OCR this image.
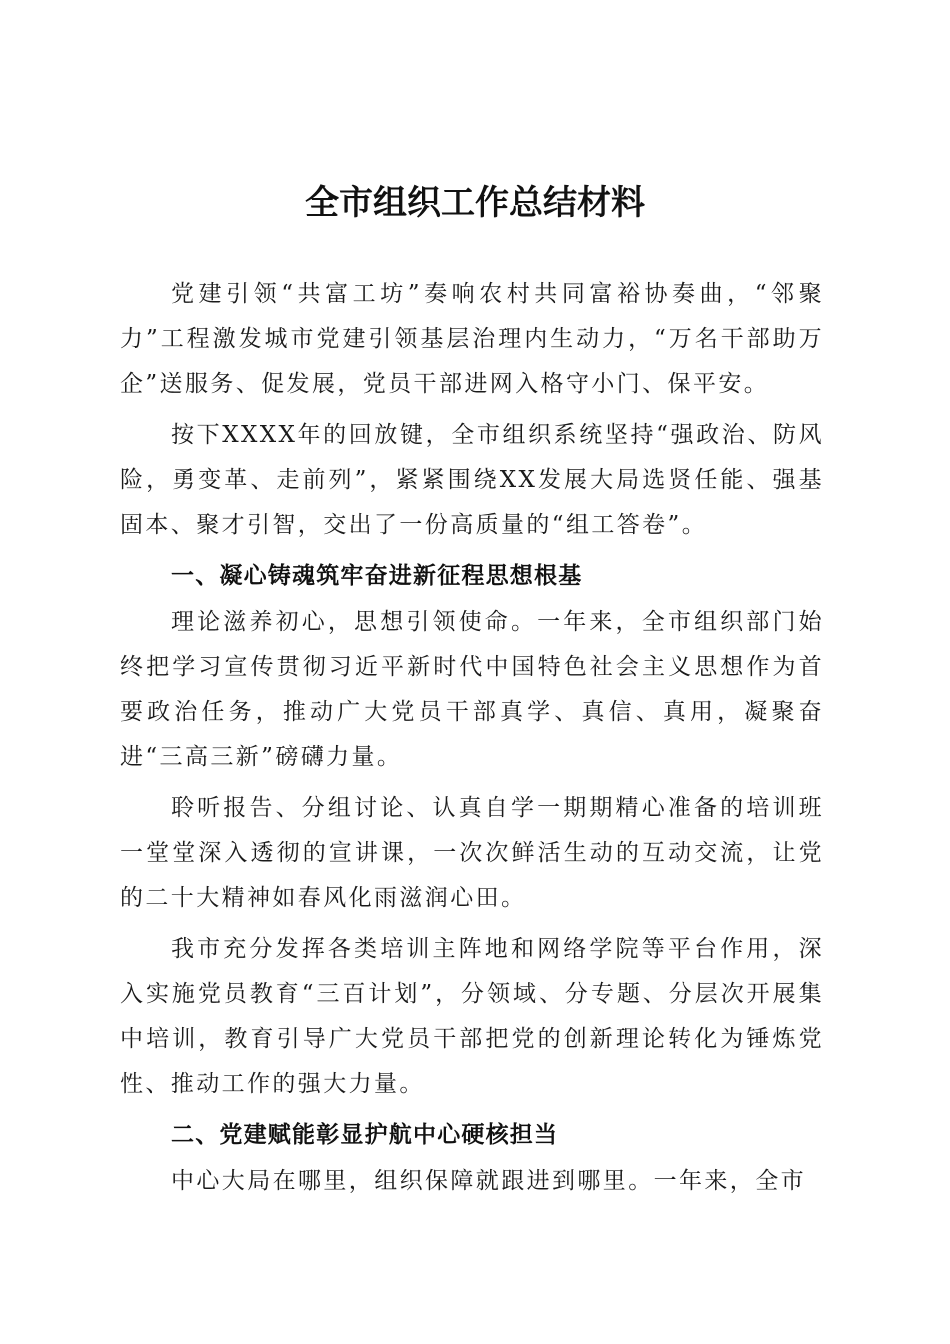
全市组织工作总结材料

党建引领“共富工坊”奏响农村共同富裕协奏曲，“邻聚力”工程激发城市党建引领基层治理内生动力，“万名干部助万企”送服务、促发展，党员干部进网入格守小门、保平安。

按下XXXX年的回放键，全市组织系统坚持“强政治、防风险，勇变革、走前列”，紧紧围绕XX发展大局选贤任能、强基固本、聚才引智，交出了一份高质量的“组工答卷”。

一、凝心铸魂筑牢奋进新征程思想根基

理论滋养初心，思想引领使命。一年来，全市组织部门始终把学习宣传贯彻习近平新时代中国特色社会主义思想作为首要政治任务，推动广大党员干部真学、真信、真用，凝聚奋进“三高三新”磅礴力量。

聆听报告、分组讨论、认真自学一期期精心准备的培训班一堂堂深入透彻的宣讲课，一次次鲜活生动的互动交流，让党的二十大精神如春风化雨滋润心田。

我市充分发挥各类培训主阵地和网络学院等平台作用，深入实施党员教育“三百计划”，分领域、分专题、分层次开展集中培训，教育引导广大党员干部把党的创新理论转化为锤炼党性、推动工作的强大力量。

二、党建赋能彰显护航中心硬核担当

中心大局在哪里，组织保障就跟进到哪里。一年来，全市
